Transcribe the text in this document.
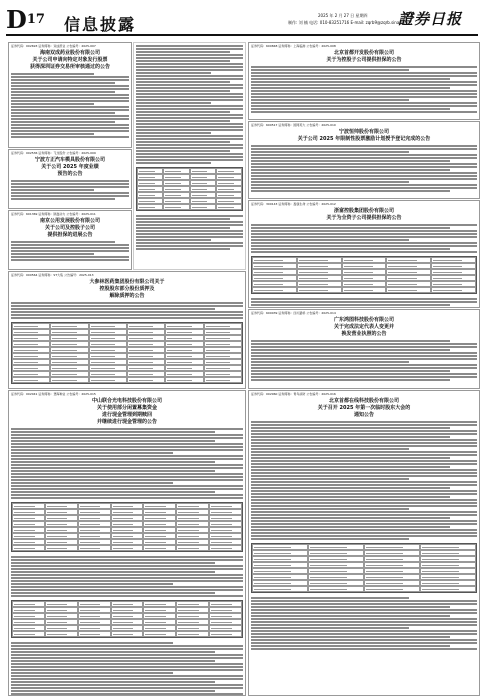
$D^{17}$ 信息披露	2025 年 2 月 27 日 星期四
制作: 刘 楠 电话: 010-83251716 E-mail: zqrb9@zqrb.sina.net
證券日报
证券代码：002693 证券简称：双成药业 公告编号：2025-007
海南双成药业股份有限公司
关于公司申请向特定对象发行股票
获得深圳证券交易所审核通过的公告
证券代码：600848 证券简称：上海临港 公告编号：2025-008
北京首都开发股份有限公司
关于为控股子公司提供担保的公告
证券代码：600517 证券简称：国网英大 公告编号：2025-010
宁波恒帅股份有限公司
关于公司 2025 年限制性股票激励计划授予登记完成的公告
证券代码：002536 证券简称：飞龙股份 公告编号：2025-009
宁波方正汽车模具股份有限公司
关于公司 2025 年度业绩
预告的公告
证券代码：601369 证券简称：陕鼓动力 公告编号：2025-011
南京公用发展股份有限公司
关于公司及控股子公司
提供担保的进展公告
证券代码：300143 证券简称：盈康生命 公告编号：2025-012
浙富控股集团股份有限公司
关于为全资子公司提供担保的公告
证券代码：000564 证券简称：ST大集 公告编号：2025-013
大参林医药集团股份有限公司关于
控股股东部分股份质押及
解除质押的公告
证券代码：600039 证券简称：四川路桥 公告编号：2025-014
广东鸿图科技股份有限公司
关于完成法定代表人变更并
换发营业执照的公告
证券代码：002041 证券简称：登海种业 公告编号：2025-015
中山联合光电科技股份有限公司
关于使用部分闲置募集资金
进行现金管理到期赎回
并继续进行现金管理的公告
证券代码：002960 证券简称：青鸟消防 公告编号：2025-016
北京首都在线科技股份有限公司
关于召开 2025 年第一次临时股东大会的
通知公告
